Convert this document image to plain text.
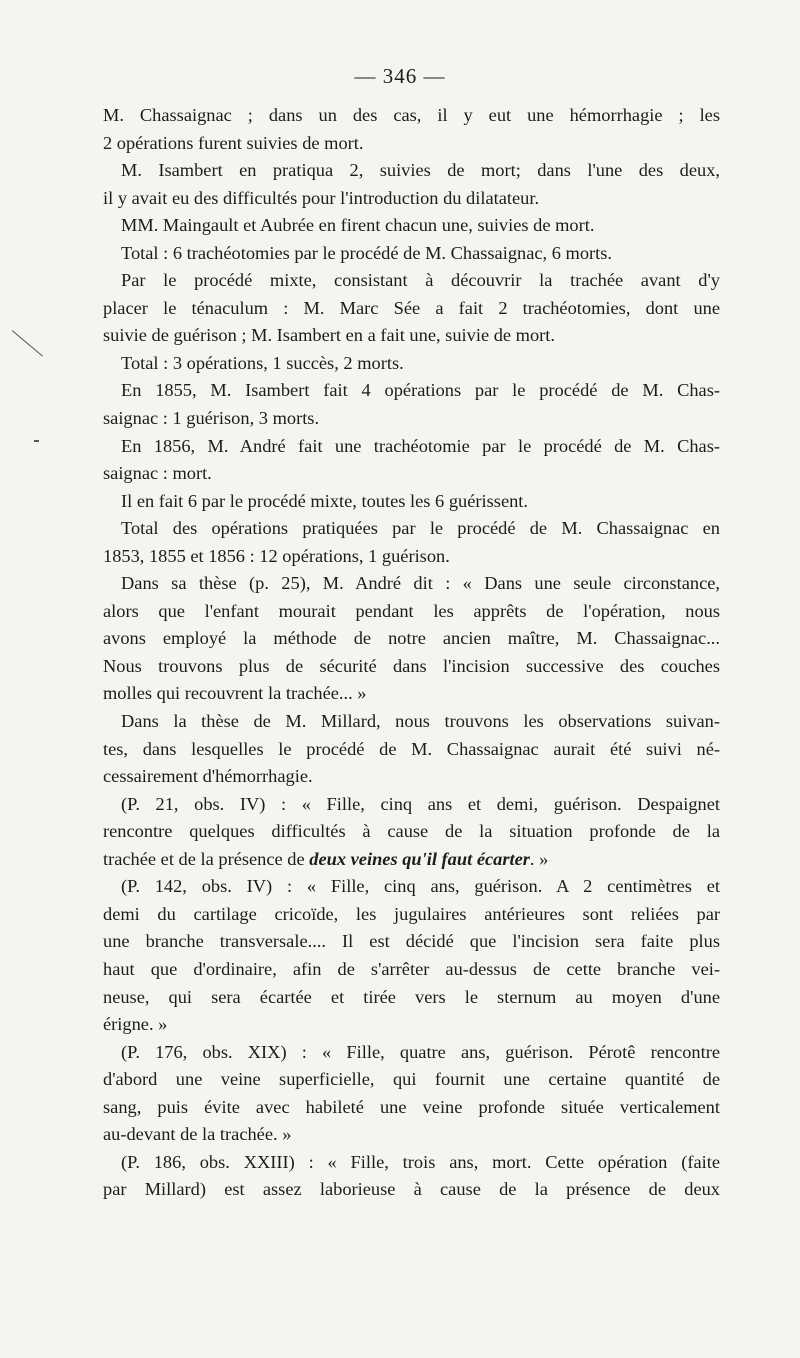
— 346 —
M. Chassaignac ; dans un des cas, il y eut une hémorrhagie ; les
2 opérations furent suivies de mort.
M. Isambert en pratiqua 2, suivies de mort; dans l'une des deux,
il y avait eu des difficultés pour l'introduction du dilatateur.
MM. Maingault et Aubrée en firent chacun une, suivies de mort.
Total : 6 trachéotomies par le procédé de M. Chassaignac, 6 morts.
Par le procédé mixte, consistant à découvrir la trachée avant d'y
placer le ténaculum : M. Marc Sée a fait 2 trachéotomies, dont une
suivie de guérison ; M. Isambert en a fait une, suivie de mort.
Total : 3 opérations, 1 succès, 2 morts.
En 1855, M. Isambert fait 4 opérations par le procédé de M. Chas-
saignac : 1 guérison, 3 morts.
En 1856, M. André fait une trachéotomie par le procédé de M. Chas-
saignac : mort.
Il en fait 6 par le procédé mixte, toutes les 6 guérissent.
Total des opérations pratiquées par le procédé de M. Chassaignac en
1853, 1855 et 1856 : 12 opérations, 1 guérison.
Dans sa thèse (p. 25), M. André dit : « Dans une seule circonstance,
alors que l'enfant mourait pendant les apprêts de l'opération, nous
avons employé la méthode de notre ancien maître, M. Chassaignac...
Nous trouvons plus de sécurité dans l'incision successive des couches
molles qui recouvrent la trachée... »
Dans la thèse de M. Millard, nous trouvons les observations suivan-
tes, dans lesquelles le procédé de M. Chassaignac aurait été suivi né-
cessairement d'hémorrhagie.
(P. 21, obs. IV) : « Fille, cinq ans et demi, guérison. Despaignet
rencontre quelques difficultés à cause de la situation profonde de la
trachée et de la présence de deux veines qu'il faut écarter. »
(P. 142, obs. IV) : « Fille, cinq ans, guérison. A 2 centimètres et
demi du cartilage cricoïde, les jugulaires antérieures sont reliées par
une branche transversale.... Il est décidé que l'incision sera faite plus
haut que d'ordinaire, afin de s'arrêter au-dessus de cette branche vei-
neuse, qui sera écartée et tirée vers le sternum au moyen d'une
érigne. »
(P. 176, obs. XIX) : « Fille, quatre ans, guérison. Pérotê rencontre
d'abord une veine superficielle, qui fournit une certaine quantité de
sang, puis évite avec habileté une veine profonde située verticalement
au-devant de la trachée. »
(P. 186, obs. XXIII) : « Fille, trois ans, mort. Cette opération (faite
par Millard) est assez laborieuse à cause de la présence de deux
